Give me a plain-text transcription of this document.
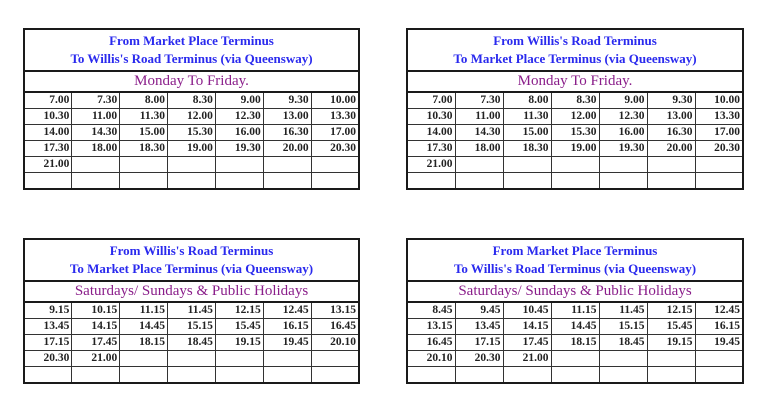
From Market Place Terminus
To Willis's Road Terminus (via Queensway)						

Monday To Friday.						
7.00	7.30	8.00	8.30	9.00	9.30	10.00
10.30	11.00	11.30	12.00	12.30	13.00	13.30
14.00	14.30	15.00	15.30	16.00	16.30	17.00
17.30	18.00	18.30	19.00	19.30	20.00	20.30
21.00						

From Willis's Road Terminus
To Market Place Terminus (via Queensway)						

Monday To Friday.						
7.00	7.30	8.00	8.30	9.00	9.30	10.00
10.30	11.00	11.30	12.00	12.30	13.00	13.30
14.00	14.30	15.00	15.30	16.00	16.30	17.00
17.30	18.00	18.30	19.00	19.30	20.00	20.30
21.00						

From Willis's Road Terminus
To Market Place Terminus (via Queensway)						

Saturdays/ Sundays & Public Holidays						
9.15	10.15	11.15	11.45	12.15	12.45	13.15
13.45	14.15	14.45	15.15	15.45	16.15	16.45
17.15	17.45	18.15	18.45	19.15	19.45	20.10
20.30	21.00					

From Market Place Terminus
To Willis's Road Terminus (via Queensway)						

Saturdays/ Sundays & Public Holidays						
8.45	9.45	10.45	11.15	11.45	12.15	12.45
13.15	13.45	14.15	14.45	15.15	15.45	16.15
16.45	17.15	17.45	18.15	18.45	19.15	19.45
20.10	20.30	21.00				
